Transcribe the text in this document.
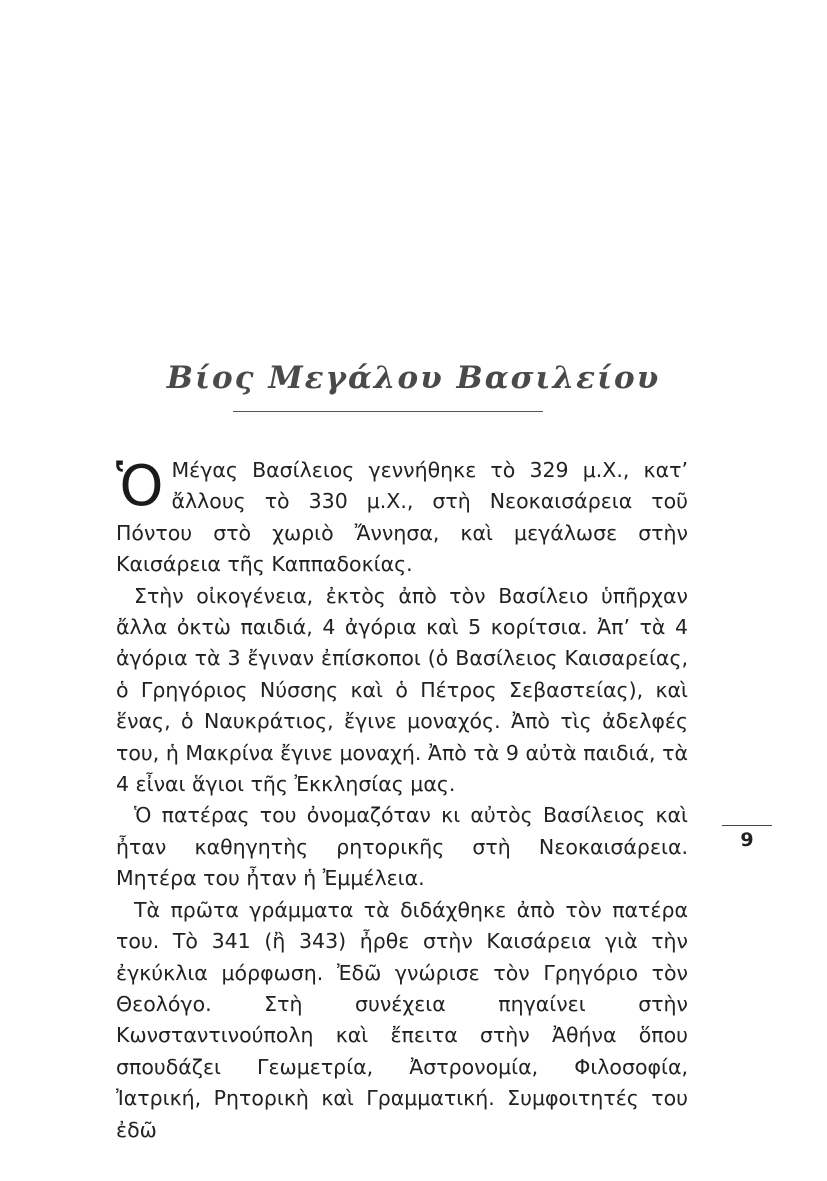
Βίος Μεγάλου Βασιλείου

Ὁ Μέγας Βασίλειος γεννήθηκε τὸ 329 μ.Χ., κατ’ ἄλλους τὸ 330 μ.Χ., στὴ Νεοκαισάρεια τοῦ Πόντου στὸ χωριὸ Ἄννησα, καὶ μεγάλωσε στὴν Καισάρεια τῆς Καππαδοκίας.

Στὴν οἰκογένεια, ἐκτὸς ἀπὸ τὸν Βασίλειο ὑπῆρχαν ἄλλα ὀκτὼ παιδιά, 4 ἀγόρια καὶ 5 κορίτσια. Ἀπ’ τὰ 4 ἀγόρια τὰ 3 ἔγιναν ἐπίσκοποι (ὁ Βασίλειος Καισαρείας, ὁ Γρηγόριος Νύσσης καὶ ὁ Πέτρος Σεβαστείας), καὶ ἕνας, ὁ Ναυκράτιος, ἔγινε μοναχός. Ἀπὸ τὶς ἀδελφές του, ἡ Μακρίνα ἔγινε μοναχή. Ἀπὸ τὰ 9 αὐτὰ παιδιά, τὰ 4 εἶναι ἅγιοι τῆς Ἐκκλησίας μας.

Ὁ πατέρας του ὀνομαζόταν κι αὐτὸς Βασίλειος καὶ ἦταν καθηγητὴς ρητορικῆς στὴ Νεοκαισάρεια. Μητέρα του ἦταν ἡ Ἐμμέλεια.

Τὰ πρῶτα γράμματα τὰ διδάχθηκε ἀπὸ τὸν πατέρα του. Τὸ 341 (ἢ 343) ἦρθε στὴν Καισάρεια γιὰ τὴν ἐγκύκλια μόρφωση. Ἐδῶ γνώρισε τὸν Γρηγόριο τὸν Θεολόγο. Στὴ συνέχεια πηγαίνει στὴν Κωνσταντινούπολη καὶ ἔπειτα στὴν Ἀθήνα ὅπου σπουδάζει Γεωμετρία, Ἀστρονομία, Φιλοσοφία, Ἰατρική, Ρητορικὴ καὶ Γραμματική. Συμφοιτητές του ἐδῶ

9
